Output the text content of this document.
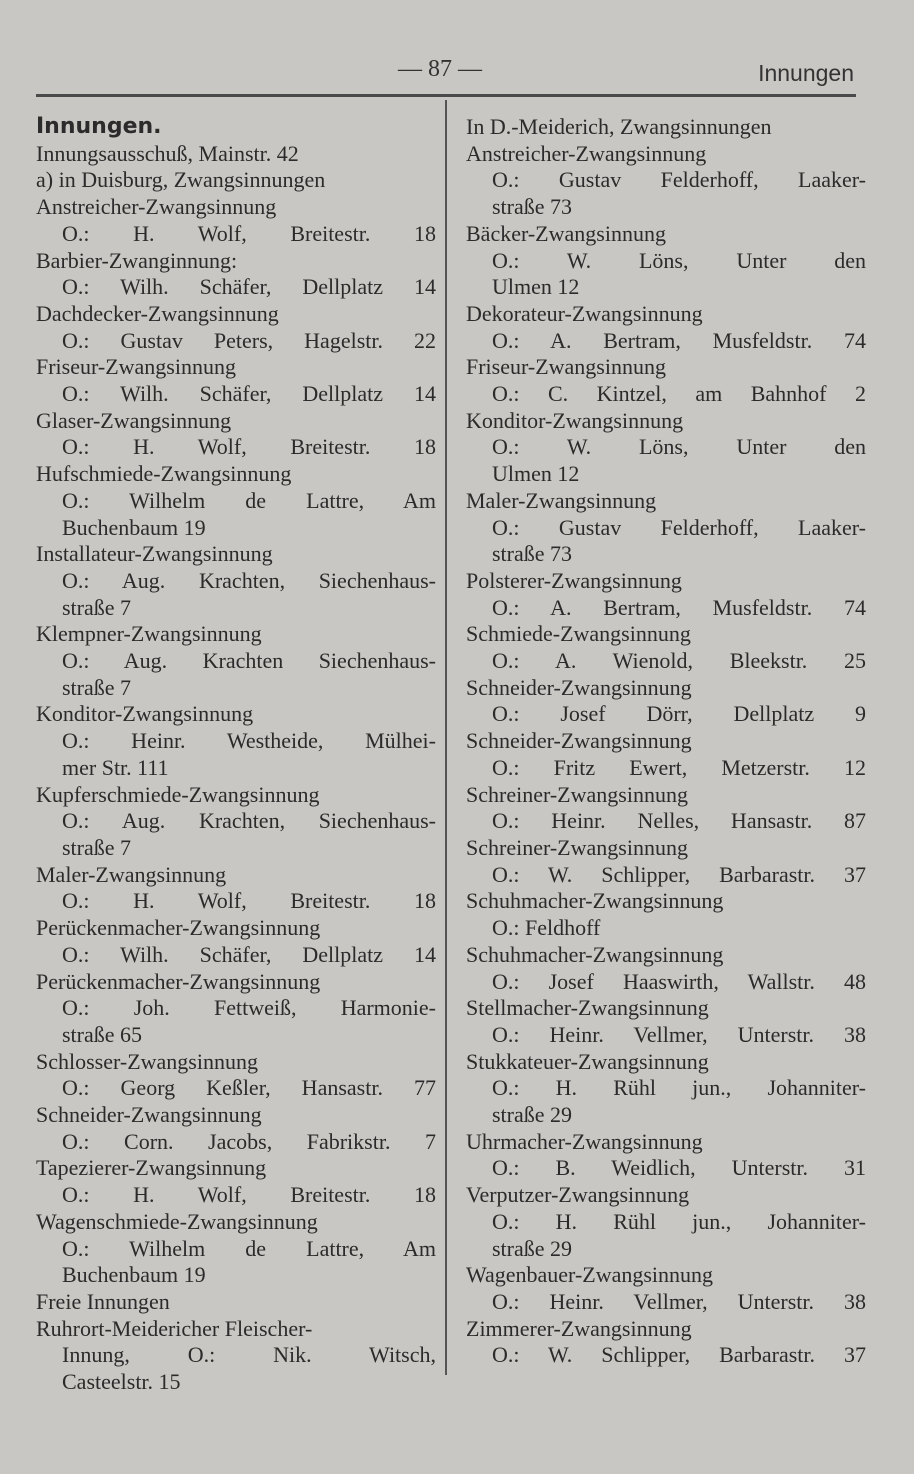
— 87 —	Innungen
Innungen.
Innungsausschuß, Mainstr. 42
a) in Duisburg, Zwangsinnungen
Anstreicher-Zwangsinnung
O.: H. Wolf, Breitestr. 18
Barbier-Zwanginnung:
O.: Wilh. Schäfer, Dellplatz 14
Dachdecker-Zwangsinnung
O.: Gustav Peters, Hagelstr. 22
Friseur-Zwangsinnung
O.: Wilh. Schäfer, Dellplatz 14
Glaser-Zwangsinnung
O.: H. Wolf, Breitestr. 18
Hufschmiede-Zwangsinnung
O.: Wilhelm de Lattre, Am
Buchenbaum 19
Installateur-Zwangsinnung
O.: Aug. Krachten, Siechenhaus-
straße 7
Klempner-Zwangsinnung
O.: Aug. Krachten Siechenhaus-
straße 7
Konditor-Zwangsinnung
O.: Heinr. Westheide, Mülhei-
mer Str. 111
Kupferschmiede-Zwangsinnung
O.: Aug. Krachten, Siechenhaus-
straße 7
Maler-Zwangsinnung
O.: H. Wolf, Breitestr. 18
Perückenmacher-Zwangsinnung
O.: Wilh. Schäfer, Dellplatz 14
Perückenmacher-Zwangsinnung
O.: Joh. Fettweiß, Harmonie-
straße 65
Schlosser-Zwangsinnung
O.: Georg Keßler, Hansastr. 77
Schneider-Zwangsinnung
O.: Corn. Jacobs, Fabrikstr. 7
Tapezierer-Zwangsinnung
O.: H. Wolf, Breitestr. 18
Wagenschmiede-Zwangsinnung
O.: Wilhelm de Lattre, Am
Buchenbaum 19
Freie Innungen
Ruhrort-Meidericher Fleischer-
Innung, O.: Nik. Witsch,
Casteelstr. 15
In D.-Meiderich, Zwangsinnungen
Anstreicher-Zwangsinnung
O.: Gustav Felderhoff, Laaker-
straße 73
Bäcker-Zwangsinnung
O.: W. Löns, Unter den
Ulmen 12
Dekorateur-Zwangsinnung
O.: A. Bertram, Musfeldstr. 74
Friseur-Zwangsinnung
O.: C. Kintzel, am Bahnhof 2
Konditor-Zwangsinnung
O.: W. Löns, Unter den
Ulmen 12
Maler-Zwangsinnung
O.: Gustav Felderhoff, Laaker-
straße 73
Polsterer-Zwangsinnung
O.: A. Bertram, Musfeldstr. 74
Schmiede-Zwangsinnung
O.: A. Wienold, Bleekstr. 25
Schneider-Zwangsinnung
O.: Josef Dörr, Dellplatz 9
Schneider-Zwangsinnung
O.: Fritz Ewert, Metzerstr. 12
Schreiner-Zwangsinnung
O.: Heinr. Nelles, Hansastr. 87
Schreiner-Zwangsinnung
O.: W. Schlipper, Barbarastr. 37
Schuhmacher-Zwangsinnung
O.: Feldhoff
Schuhmacher-Zwangsinnung
O.: Josef Haaswirth, Wallstr. 48
Stellmacher-Zwangsinnung
O.: Heinr. Vellmer, Unterstr. 38
Stukkateuer-Zwangsinnung
O.: H. Rühl jun., Johanniter-
straße 29
Uhrmacher-Zwangsinnung
O.: B. Weidlich, Unterstr. 31
Verputzer-Zwangsinnung
O.: H. Rühl jun., Johanniter-
straße 29
Wagenbauer-Zwangsinnung
O.: Heinr. Vellmer, Unterstr. 38
Zimmerer-Zwangsinnung
O.: W. Schlipper, Barbarastr. 37
